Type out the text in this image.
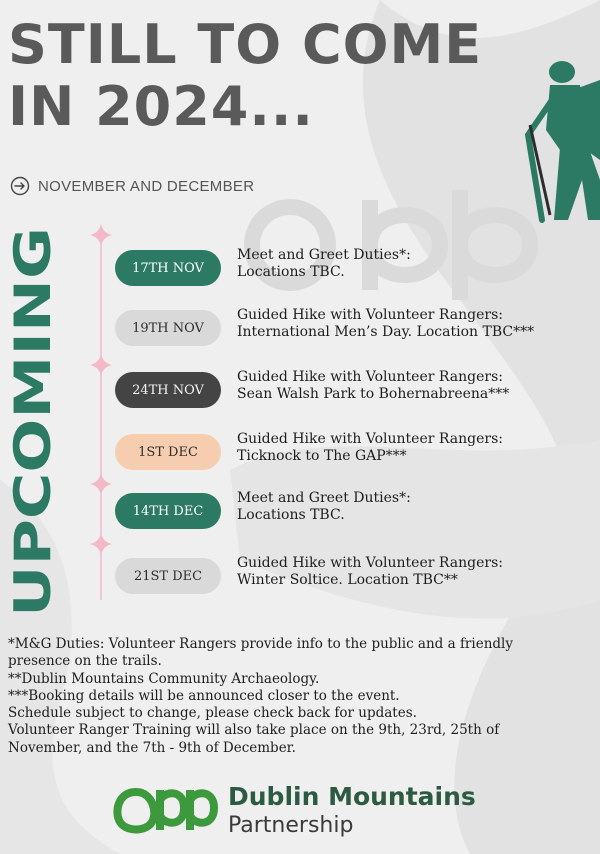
STILL TO COME
IN 2024...
NOVEMBER AND DECEMBER
UPCOMING
17TH NOV
Meet and Greet Duties*:
Locations TBC.
19TH NOV
Guided Hike with Volunteer Rangers:
International Men’s Day. Location TBC***
24TH NOV
Guided Hike with Volunteer Rangers:
Sean Walsh Park to Bohernabreena***
1ST DEC
Guided Hike with Volunteer Rangers:
Ticknock to The GAP***
14TH DEC
Meet and Greet Duties*:
Locations TBC.
21ST DEC
Guided Hike with Volunteer Rangers:
Winter Soltice. Location TBC**
*M&G Duties: Volunteer Rangers provide info to the public and a friendly
presence on the trails.
**Dublin Mountains Community Archaeology.
***Booking details will be announced closer to the event.
Schedule subject to change, please check back for updates.
Volunteer Ranger Training will also take place on the 9th, 23rd, 25th of
November, and the 7th - 9th of December.
Dublin Mountains
Partnership
